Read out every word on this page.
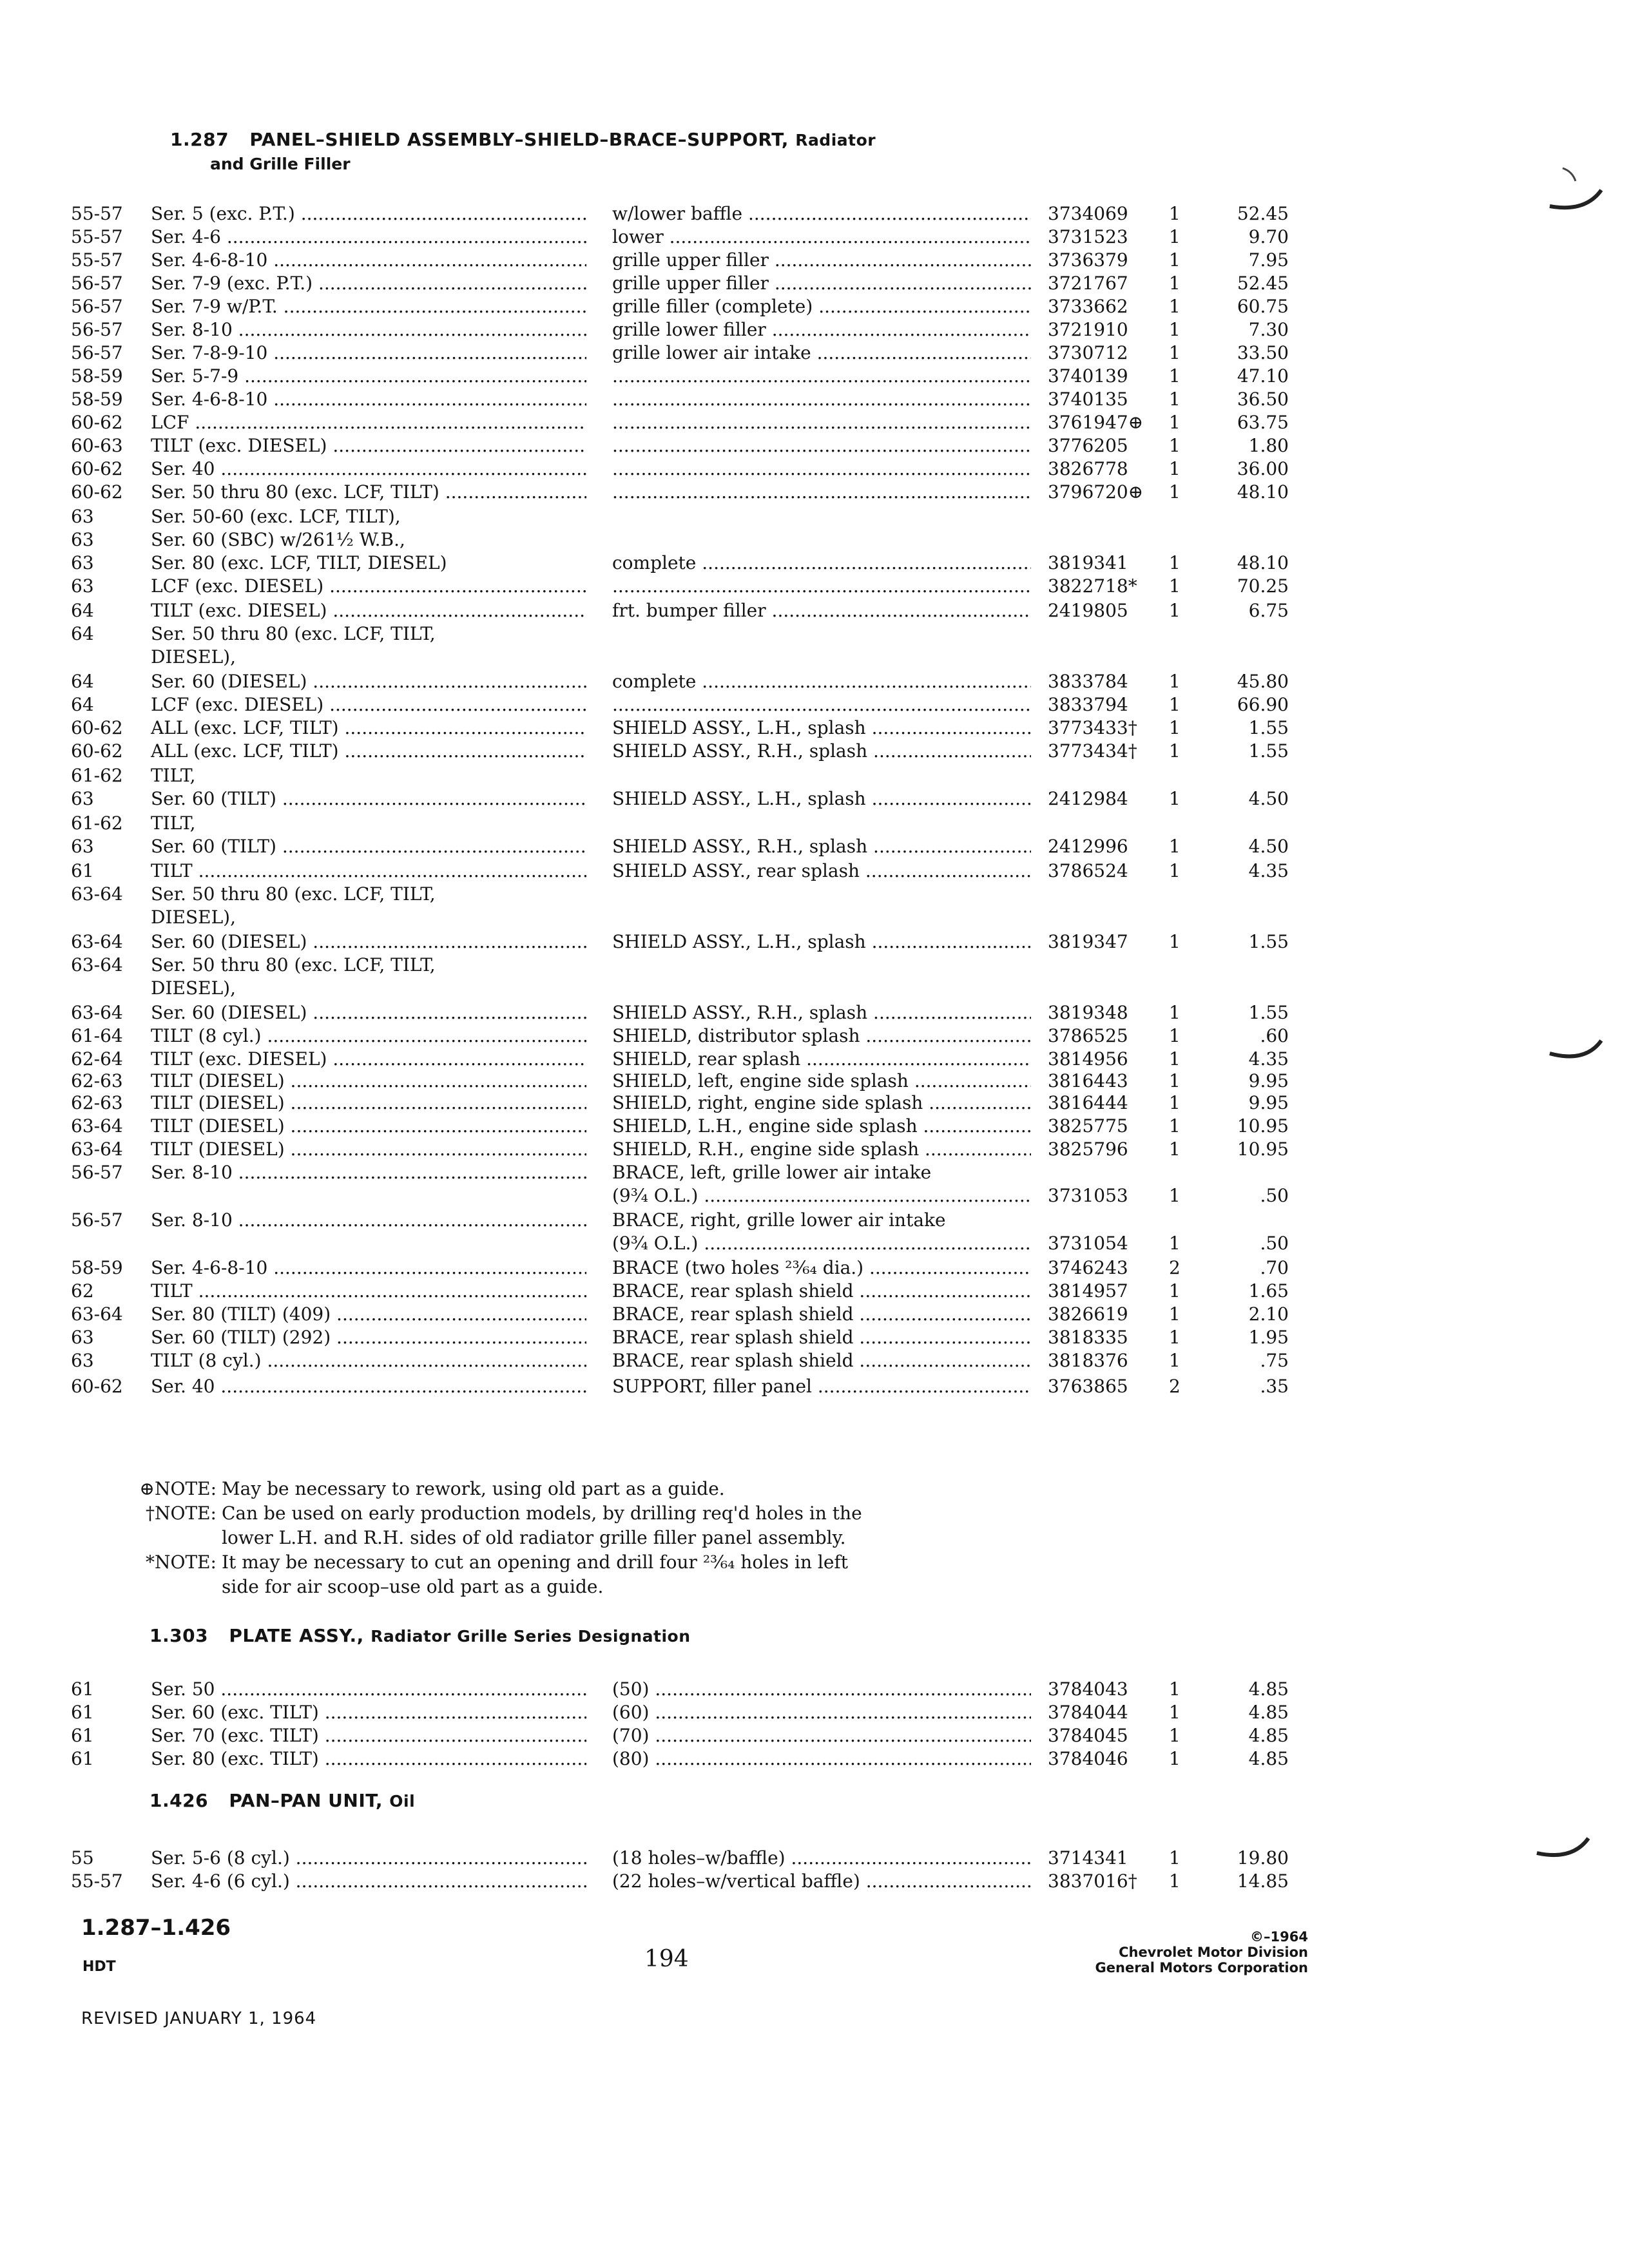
1.287 PANEL–SHIELD ASSEMBLY–SHIELD–BRACE–SUPPORT, Radiator
and Grille Filler
55-57	Ser. 5 (exc. P.T.) .....	w/lower baffle .....	3734069	1	52.45
55-57	Ser. 4-6 .....	lower .....	3731523	1	9.70
55-57	Ser. 4-6-8-10 .....	grille upper filler .....	3736379	1	7.95
56-57	Ser. 7-9 (exc. P.T.) .....	grille upper filler .....	3721767	1	52.45
56-57	Ser. 7-9 w/P.T. .....	grille filler (complete) .....	3733662	1	60.75
56-57	Ser. 8-10 .....	grille lower filler .....	3721910	1	7.30
56-57	Ser. 7-8-9-10 .....	grille lower air intake .....	3730712	1	33.50
58-59	Ser. 5-7-9 ..... .....	3740139	1	47.10
58-59	Ser. 4-6-8-10 ..... .....	3740135	1	36.50
60-62	LCF ..... .....	3761947⊕	1	63.75
60-63	TILT (exc. DIESEL) ..... .....	3776205	1	1.80
60-62	Ser. 40 ..... .....	3826778	1	36.00
60-62	Ser. 50 thru 80 (exc. LCF, TILT) ..... .....	3796720⊕	1	48.10
63	Ser. 50-60 (exc. LCF, TILT),
63	Ser. 60 (SBC) w/261½ W.B.,
63	Ser. 80 (exc. LCF, TILT, DIESEL)	complete .....	3819341	1	48.10
63	LCF (exc. DIESEL) ..... .....	3822718*	1	70.25
64	TILT (exc. DIESEL) .....	frt. bumper filler .....	2419805	1	6.75
64	Ser. 50 thru 80 (exc. LCF, TILT,
DIESEL),
64	Ser. 60 (DIESEL) .....	complete .....	3833784	1	45.80
64	LCF (exc. DIESEL) ..... .....	3833794	1	66.90
60-62	ALL (exc. LCF, TILT) .....	SHIELD ASSY., L.H., splash .....	3773433†	1	1.55
60-62	ALL (exc. LCF, TILT) .....	SHIELD ASSY., R.H., splash .....	3773434†	1	1.55
61-62	TILT,
63	Ser. 60 (TILT) .....	SHIELD ASSY., L.H., splash .....	2412984	1	4.50
61-62	TILT,
63	Ser. 60 (TILT) .....	SHIELD ASSY., R.H., splash .....	2412996	1	4.50
61	TILT .....	SHIELD ASSY., rear splash .....	3786524	1	4.35
63-64	Ser. 50 thru 80 (exc. LCF, TILT,
DIESEL),
63-64	Ser. 60 (DIESEL) .....	SHIELD ASSY., L.H., splash .....	3819347	1	1.55
63-64	Ser. 50 thru 80 (exc. LCF, TILT,
DIESEL),
63-64	Ser. 60 (DIESEL) .....	SHIELD ASSY., R.H., splash .....	3819348	1	1.55
61-64	TILT (8 cyl.) .....	SHIELD, distributor splash .....	3786525	1	.60
62-64	TILT (exc. DIESEL) .....	SHIELD, rear splash .....	3814956	1	4.35
62-63	TILT (DIESEL) .....	SHIELD, left, engine side splash .....	3816443	1	9.95
62-63	TILT (DIESEL) .....	SHIELD, right, engine side splash .....	3816444	1	9.95
63-64	TILT (DIESEL) .....	SHIELD, L.H., engine side splash .....	3825775	1	10.95
63-64	TILT (DIESEL) .....	SHIELD, R.H., engine side splash .....	3825796	1	10.95
56-57	Ser. 8-10 .....	BRACE, left, grille lower air intake
(9¾ O.L.) .....	3731053	1	.50
56-57	Ser. 8-10 .....	BRACE, right, grille lower air intake
(9¾ O.L.) .....	3731054	1	.50
58-59	Ser. 4-6-8-10 .....	BRACE (two holes ²³⁄₆₄ dia.) .....	3746243	2	.70
62	TILT .....	BRACE, rear splash shield .....	3814957	1	1.65
63-64	Ser. 80 (TILT) (409) .....	BRACE, rear splash shield .....	3826619	1	2.10
63	Ser. 60 (TILT) (292) .....	BRACE, rear splash shield .....	3818335	1	1.95
63	TILT (8 cyl.) .....	BRACE, rear splash shield .....	3818376	1	.75
60-62	Ser. 40 .....	SUPPORT, filler panel .....	3763865	2	.35
⊕NOTE: May be necessary to rework, using old part as a guide.
†NOTE: Can be used on early production models, by drilling req'd holes in the
lower L.H. and R.H. sides of old radiator grille filler panel assembly.
*NOTE: It may be necessary to cut an opening and drill four ²³⁄₆₄ holes in left
side for air scoop–use old part as a guide.
1.303 PLATE ASSY., Radiator Grille Series Designation
61	Ser. 50 .....	(50) .....	3784043	1	4.85
61	Ser. 60 (exc. TILT) .....	(60) .....	3784044	1	4.85
61	Ser. 70 (exc. TILT) .....	(70) .....	3784045	1	4.85
61	Ser. 80 (exc. TILT) .....	(80) .....	3784046	1	4.85
1.426 PAN–PAN UNIT, Oil
55	Ser. 5-6 (8 cyl.) .....	(18 holes–w/baffle) .....	3714341	1	19.80
55-57	Ser. 4-6 (6 cyl.) .....	(22 holes–w/vertical baffle) .....	3837016†	1	14.85
1.287–1.426
HDT	194
©–1964
Chevrolet Motor Division
General Motors Corporation
REVISED JANUARY 1, 1964
